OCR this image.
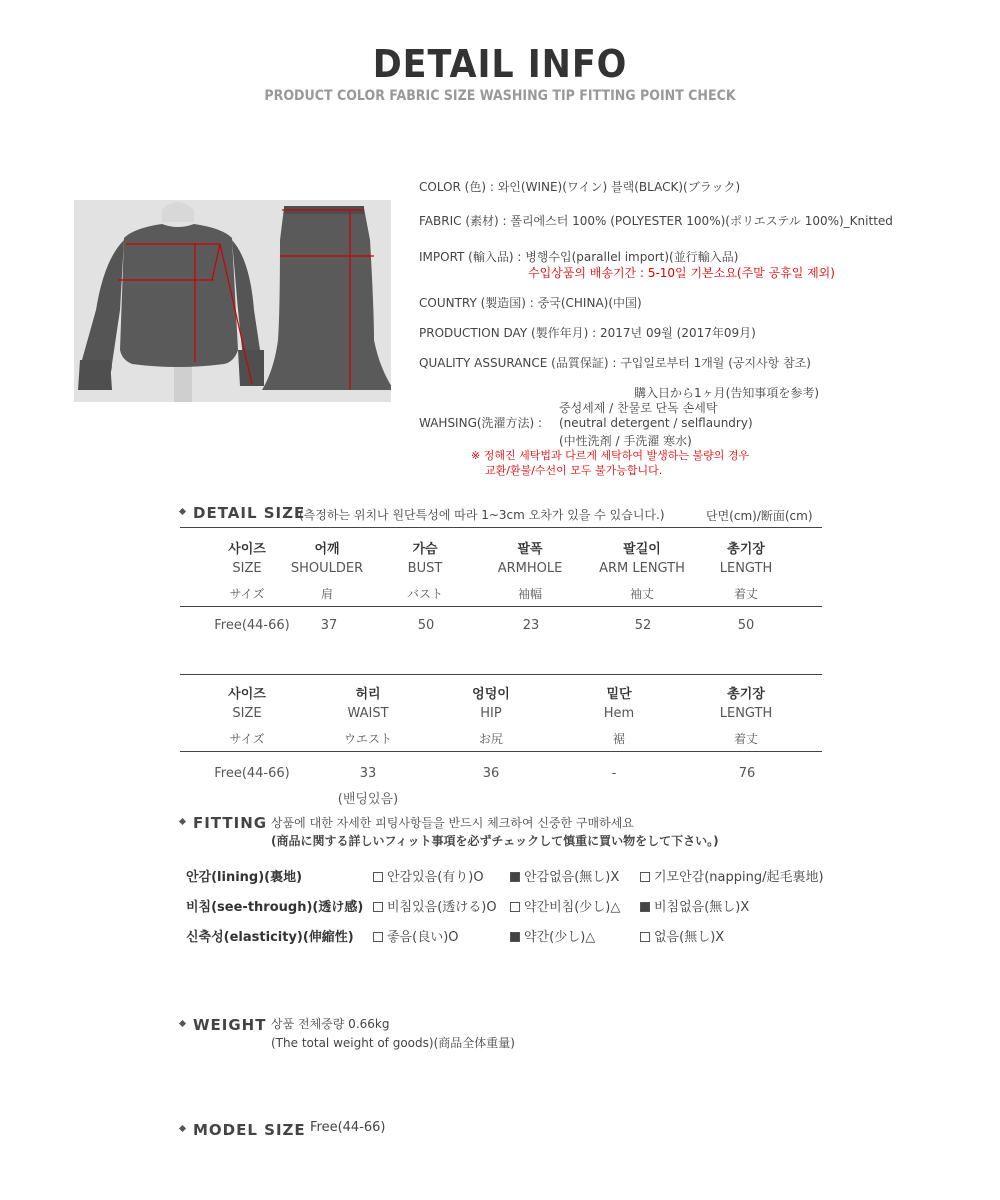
DETAIL INFO
PRODUCT COLOR FABRIC SIZE WASHING TIP FITTING POINT CHECK
COLOR (色) : 와인(WINE)(ワイン) 블랙(BLACK)(ブラック)
FABRIC (素材) : 폴리에스터 100% (POLYESTER 100%)(ポリエステル 100%)_Knitted
IMPORT (輸入品) : 병행수입(parallel import)(並行輸入品)
수입상품의 배송기간 : 5-10일 기본소요(주말 공휴일 제외)
COUNTRY (製造国) : 중국(CHINA)(中国)
PRODUCTION DAY (製作年月) : 2017년 09월 (2017年09月)
QUALITY ASSURANCE (品質保証) : 구입일로부터 1개월 (공지사항 참조)
購入日から1ヶ月(告知事項を参考)
WAHSING(洗濯方法) :
중성세제 / 찬물로 단독 손세탁
(neutral detergent / selflaundry)
(中性洗剤 / 手洗濯 寒水)
※ 정해진 세탁법과 다르게 세탁하여 발생하는 불량의 경우
교환/환불/수선이 모두 불가능합니다.
DETAIL SIZE
(측정하는 위치나 원단특성에 따라 1~3cm 오차가 있을 수 있습니다.)	단면(cm)/断面(cm)
사이즈	어깨	가슴	팔폭	팔길이	총기장
SIZE	SHOULDER	BUST	ARMHOLE	ARM LENGTH	LENGTH
サイズ	肩	バスト	袖幅	袖丈	着丈
Free(44-66)	37	50	23	52	50
사이즈	허리	엉덩이	밑단	총기장
SIZE	WAIST	HIP	Hem	LENGTH
サイズ	ウエスト	お尻	裾	着丈
Free(44-66)	33	36	-	76
(밴딩있음)
FITTING 상품에 대한 자세한 피팅사항들을 반드시 체크하여 신중한 구매하세요
(商品に関する詳しいフィット事項を必ずチェックして慎重に買い物をして下さい。)
안감(lining)(裏地)	안감있음(有り)O	안감없음(無し)X	기모안감(napping/起毛裏地)
비침(see-through)(透け感)	비침있음(透ける)O	약간비침(少し)△	비침없음(無し)X
신축성(elasticity)(伸縮性)	좋음(良い)O	약간(少し)△	없음(無し)X
WEIGHT 상품 전체중량 0.66kg
(The total weight of goods)(商品全体重量)
MODEL SIZE Free(44-66)
